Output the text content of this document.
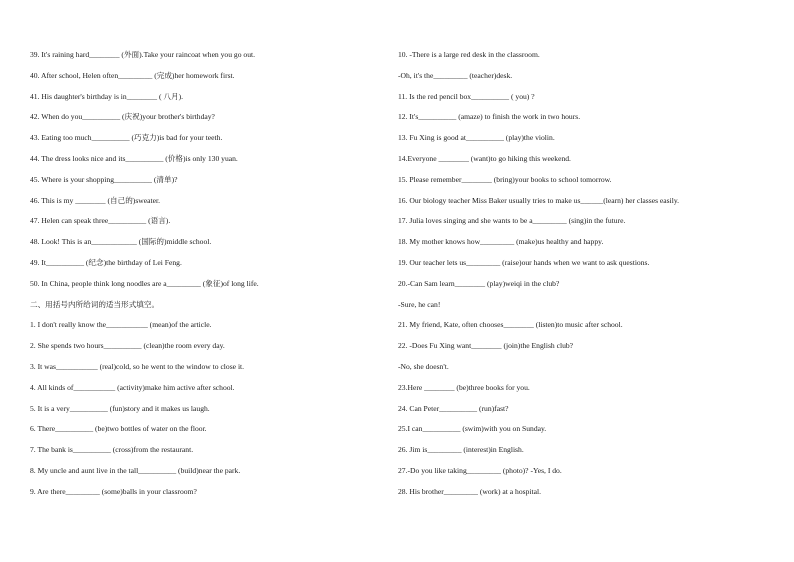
39. It's raining hard________ (外面).Take your raincoat when you go out.
40. After school, Helen often_________ (完成)her homework first.
41. His daughter's birthday is in________ ( 八月).
42. When do you__________ (庆祝)your brother's birthday?
43. Eating too much__________ (巧克力)is bad for your teeth.
44. The dress looks nice and its__________ (价格)is only 130 yuan.
45. Where is your shopping__________ (清单)?
46. This is my ________ (自己的)sweater.
47. Helen can speak three__________ (语言).
48. Look! This is an____________ (国际的)middle school.
49. It__________ (纪念)the birthday of Lei Feng.
50. In China, people think long noodles are a_________ (象征)of long life.
二、用括号内所给词的适当形式填空。
1. I don't really know the___________ (mean)of the article.
2. She spends two hours__________ (clean)the room every day.
3. It was___________ (real)cold, so he went to the window to close it.
4. All kinds of___________ (activity)make him active after school.
5. It is a very__________ (fun)story and it makes us laugh.
6. There__________ (be)two bottles of water on the floor.
7. The bank is__________ (cross)from the restaurant.
8. My uncle and aunt live in the tall__________ (build)near the park.
9. Are there_________ (some)balls in your classroom?
10. -There is a large red desk in the classroom.
-Oh, it's the_________ (teacher)desk.
11. Is the red pencil box__________ ( you) ?
12. It's__________ (amaze) to finish the work in two hours.
13. Fu Xing is good at__________ (play)the violin.
14.Everyone ________ (want)to go hiking this weekend.
15. Please remember________ (bring)your books to school tomorrow.
16. Our biology teacher Miss Baker usually tries to make us______(learn) her classes easily.
17. Julia loves singing and she wants to be a_________ (sing)in the future.
18. My mother knows how_________ (make)us healthy and happy.
19. Our teacher lets us_________ (raise)our hands when we want to ask questions.
20.-Can Sam learn________ (play)weiqi in the club?
-Sure, he can!
21. My friend, Kate, often chooses________ (listen)to music after school.
22. -Does Fu Xing want________ (join)the English club?
-No, she doesn't.
23.Here ________ (be)three books for you.
24. Can Peter__________ (run)fast?
25.I can__________ (swim)with you on Sunday.
26. Jim is_________ (interest)in English.
27.-Do you like taking_________ (photo)? -Yes, I do.
28. His brother_________ (work) at a hospital.
